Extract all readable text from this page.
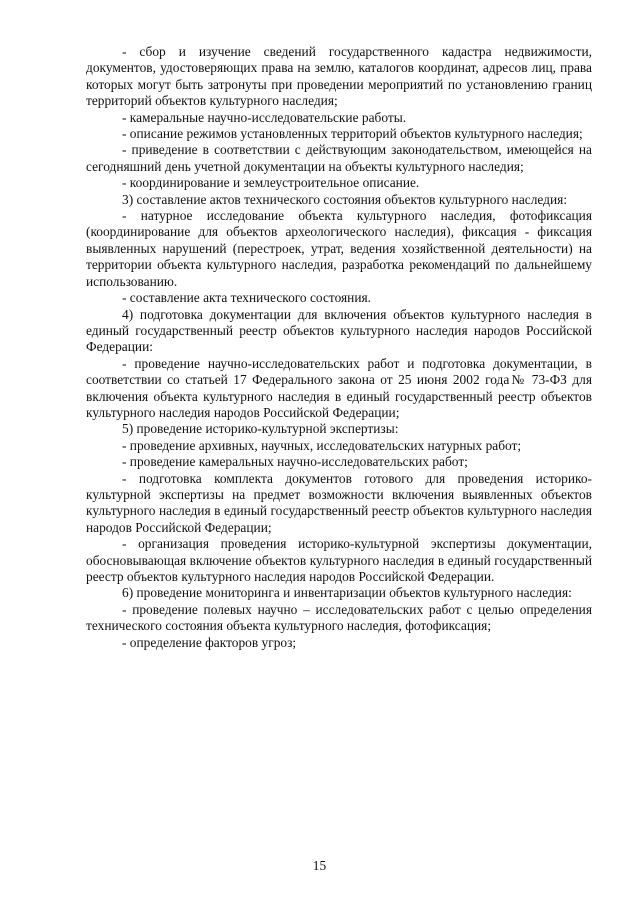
- сбор и изучение сведений государственного кадастра недвижимости, документов, удостоверяющих права на землю, каталогов координат, адресов лиц, права которых могут быть затронуты при проведении мероприятий по установлению границ территорий объектов культурного наследия;

- камеральные научно-исследовательские работы.

- описание режимов установленных территорий объектов культурного наследия;

- приведение в соответствии с действующим законодательством, имеющейся на сегодняшний день учетной документации на объекты культурного наследия;

- координирование и землеустроительное описание.

3) составление актов технического состояния объектов культурного наследия:

- натурное исследование объекта культурного наследия, фотофиксация (координирование для объектов археологического наследия), фиксация - фиксация выявленных нарушений (перестроек, утрат, ведения хозяйственной деятельности) на территории объекта культурного наследия, разработка рекомендаций по дальнейшему использованию.

- составление акта технического состояния.

4) подготовка документации для включения объектов культурного наследия в единый государственный реестр объектов культурного наследия народов Российской Федерации:

- проведение научно-исследовательских работ и подготовка документации, в соответствии со статьей 17 Федерального закона от 25 июня 2002 года№ 73-ФЗ для включения объекта культурного наследия в единый государственный реестр объектов культурного наследия народов Российской Федерации;

5) проведение историко-культурной экспертизы:

- проведение архивных, научных, исследовательских натурных работ;

- проведение камеральных научно-исследовательских работ;

- подготовка комплекта документов готового для проведения историко-культурной экспертизы на предмет возможности включения выявленных объектов культурного наследия в единый государственный реестр объектов культурного наследия народов Российской Федерации;

- организация проведения историко-культурной экспертизы документации, обосновывающая включение объектов культурного наследия в единый государственный реестр объектов культурного наследия народов Российской Федерации.

6) проведение мониторинга и инвентаризации объектов культурного наследия:

- проведение полевых научно – исследовательских работ с целью определения технического состояния объекта культурного наследия, фотофиксация;

- определение факторов угроз;

15
